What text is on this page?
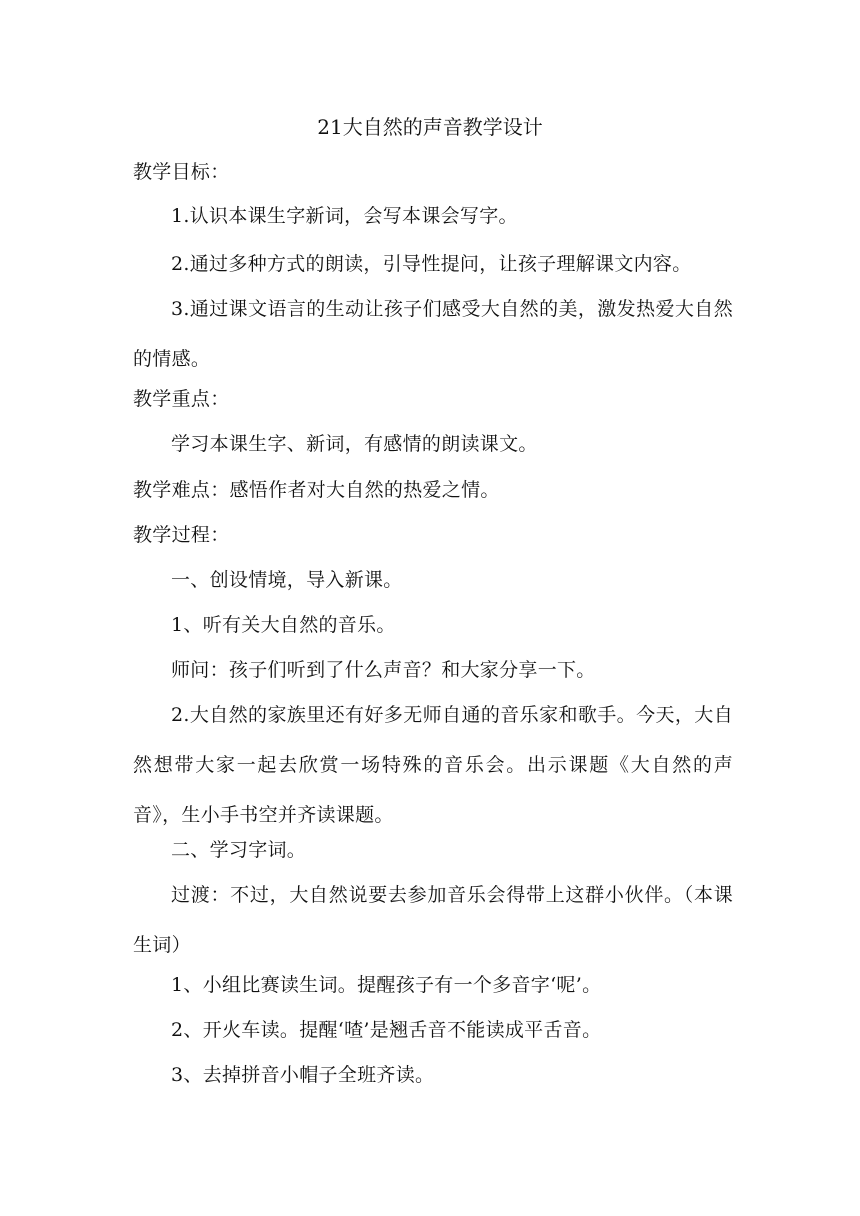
21大自然的声音教学设计

教学目标：

1.认识本课生字新词，会写本课会写字。

2.通过多种方式的朗读，引导性提问，让孩子理解课文内容。

3.通过课文语言的生动让孩子们感受大自然的美，激发热爱大自然的情感。

教学重点：

学习本课生字、新词，有感情的朗读课文。

教学难点：感悟作者对大自然的热爱之情。

教学过程：

一、创设情境，导入新课。

1、听有关大自然的音乐。

师问：孩子们听到了什么声音？和大家分享一下。

2.大自然的家族里还有好多无师自通的音乐家和歌手。今天，大自然想带大家一起去欣赏一场特殊的音乐会。出示课题《大自然的声音》，生小手书空并齐读课题。

二、学习字词。

过渡：不过，大自然说要去参加音乐会得带上这群小伙伴。（本课生词）

1、小组比赛读生词。提醒孩子有一个多音字‘呢’。

2、开火车读。提醒‘喳’是翘舌音不能读成平舌音。

3、去掉拼音小帽子全班齐读。
